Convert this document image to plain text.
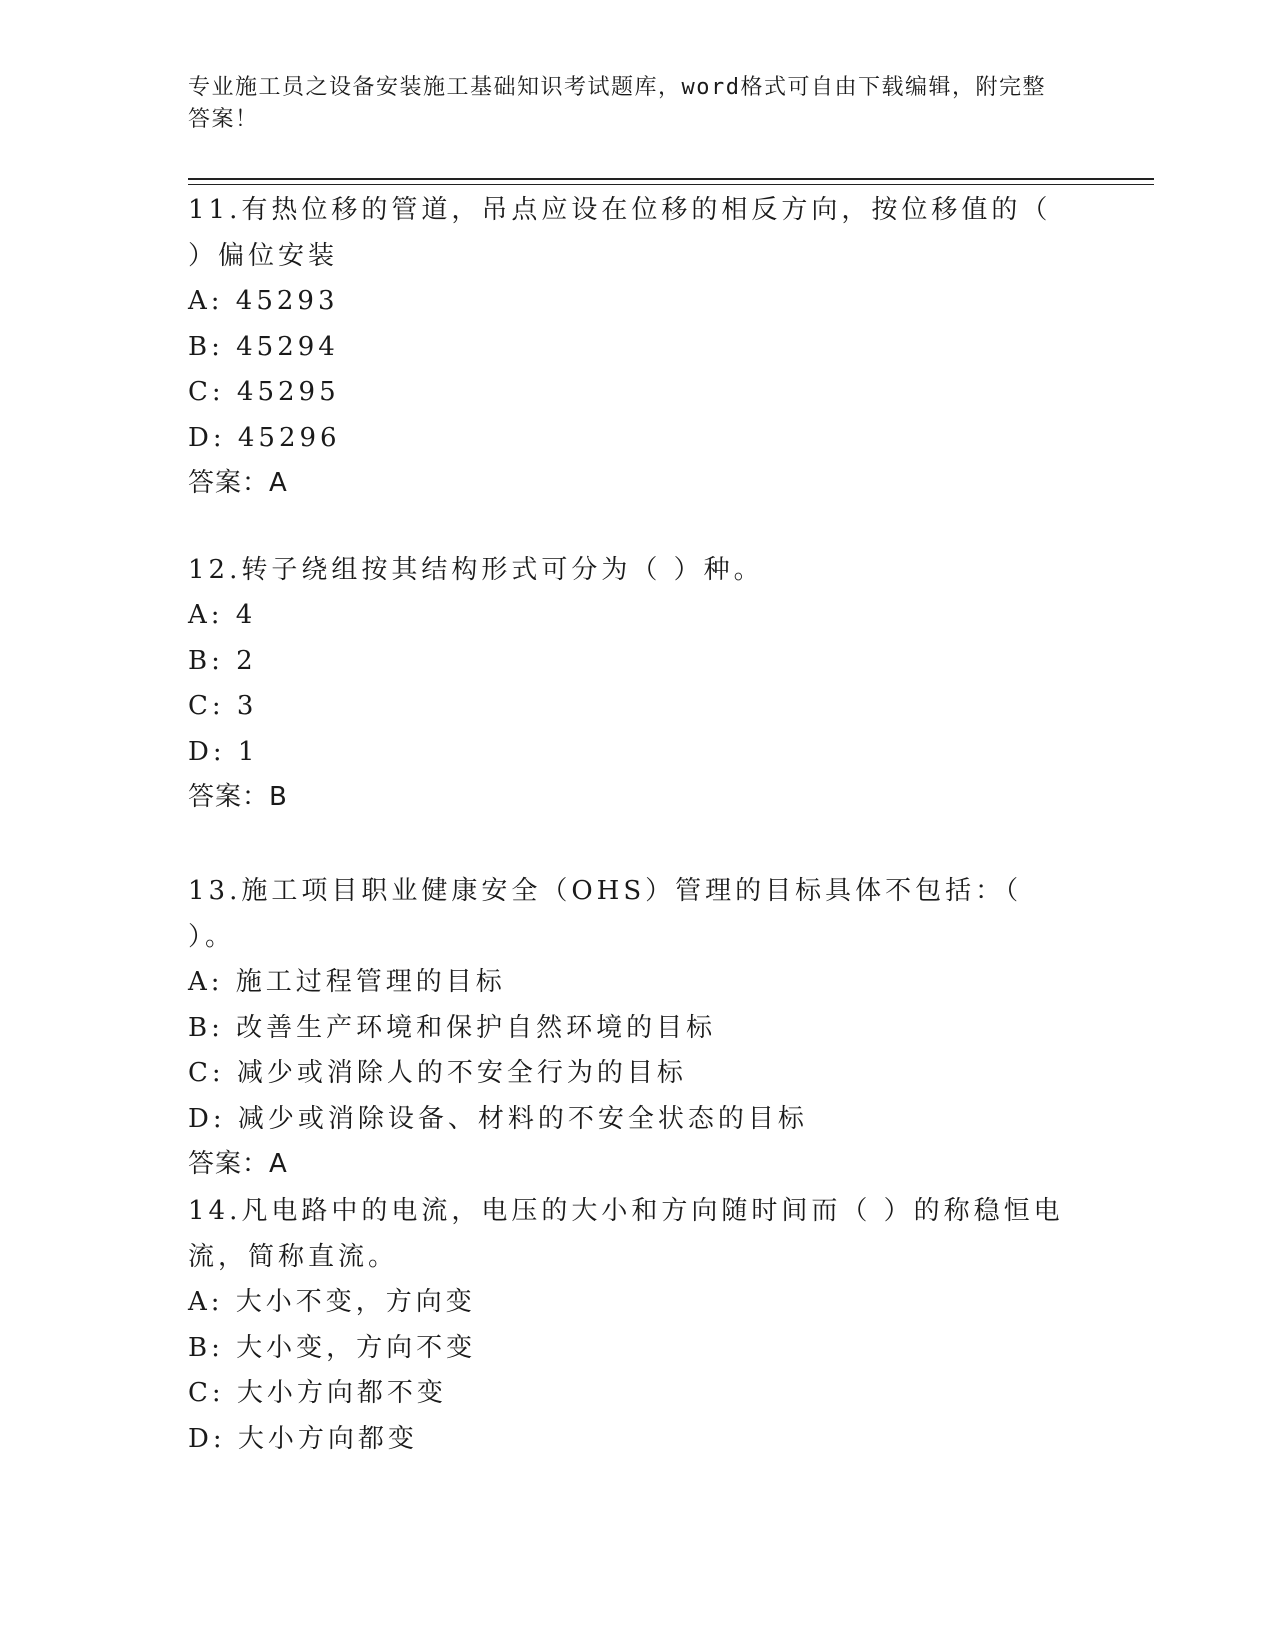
专业施工员之设备安装施工基础知识考试题库，word格式可自由下载编辑，附完整答案！

11.有热位移的管道，吊点应设在位移的相反方向，按位移值的（ ）偏位安装

A: 45293

B: 45294

C: 45295

D: 45296

答案：A

12.转子绕组按其结构形式可分为（ ）种。

A: 4

B: 2

C: 3

D: 1

答案：B

13.施工项目职业健康安全（OHS）管理的目标具体不包括：（ ）。

A: 施工过程管理的目标

B: 改善生产环境和保护自然环境的目标

C: 减少或消除人的不安全行为的目标

D: 减少或消除设备、材料的不安全状态的目标

答案：A

14.凡电路中的电流，电压的大小和方向随时间而（ ）的称稳恒电流，简称直流。

A: 大小不变，方向变

B: 大小变，方向不变

C: 大小方向都不变

D: 大小方向都变
